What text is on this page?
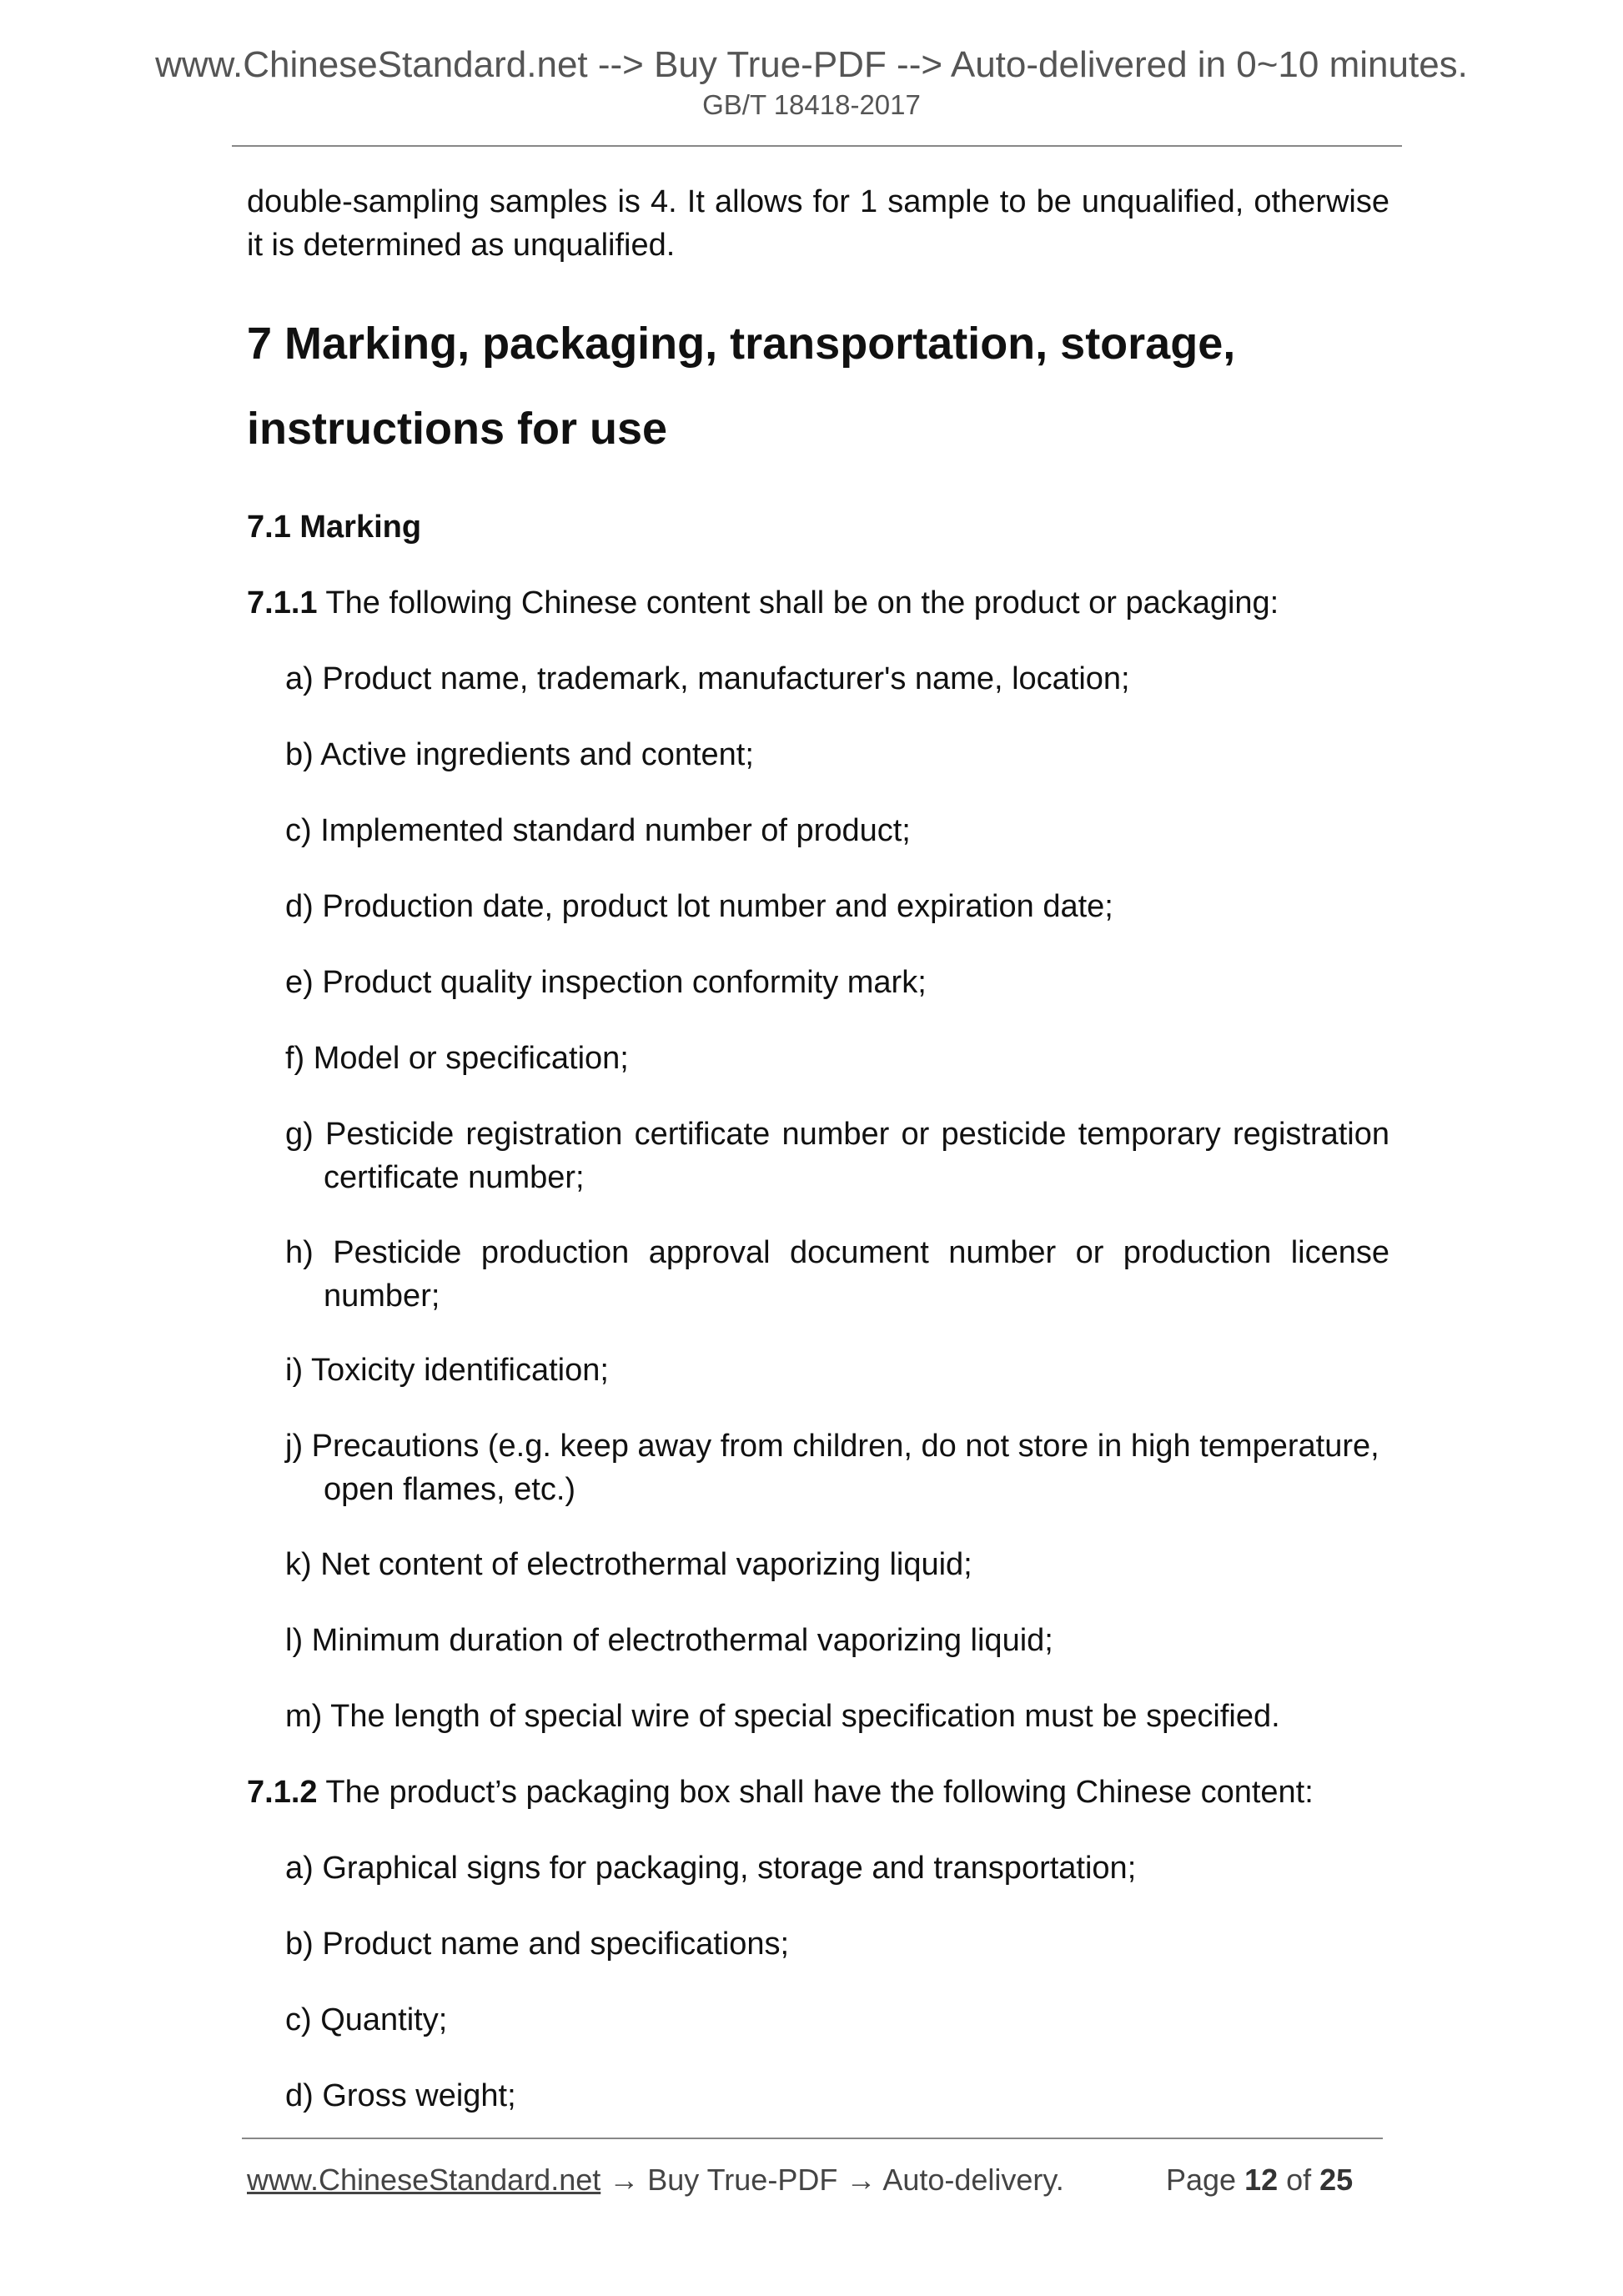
www.ChineseStandard.net --> Buy True-PDF --> Auto-delivered in 0~10 minutes.
GB/T 18418-2017
double-sampling samples is 4. It allows for 1 sample to be unqualified, otherwise it is determined as unqualified.
7 Marking, packaging, transportation, storage,
instructions for use
7.1 Marking
7.1.1 The following Chinese content shall be on the product or packaging:
a) Product name, trademark, manufacturer's name, location;
b) Active ingredients and content;
c) Implemented standard number of product;
d) Production date, product lot number and expiration date;
e) Product quality inspection conformity mark;
f) Model or specification;
g) Pesticide registration certificate number or pesticide temporary registration certificate number;
h) Pesticide production approval document number or production license number;
i) Toxicity identification;
j) Precautions (e.g. keep away from children, do not store in high temperature, open flames, etc.)
k) Net content of electrothermal vaporizing liquid;
l) Minimum duration of electrothermal vaporizing liquid;
m) The length of special wire of special specification must be specified.
7.1.2 The product’s packaging box shall have the following Chinese content:
a) Graphical signs for packaging, storage and transportation;
b) Product name and specifications;
c) Quantity;
d) Gross weight;
www.ChineseStandard.net → Buy True-PDF → Auto-delivery.	Page 12 of 25
